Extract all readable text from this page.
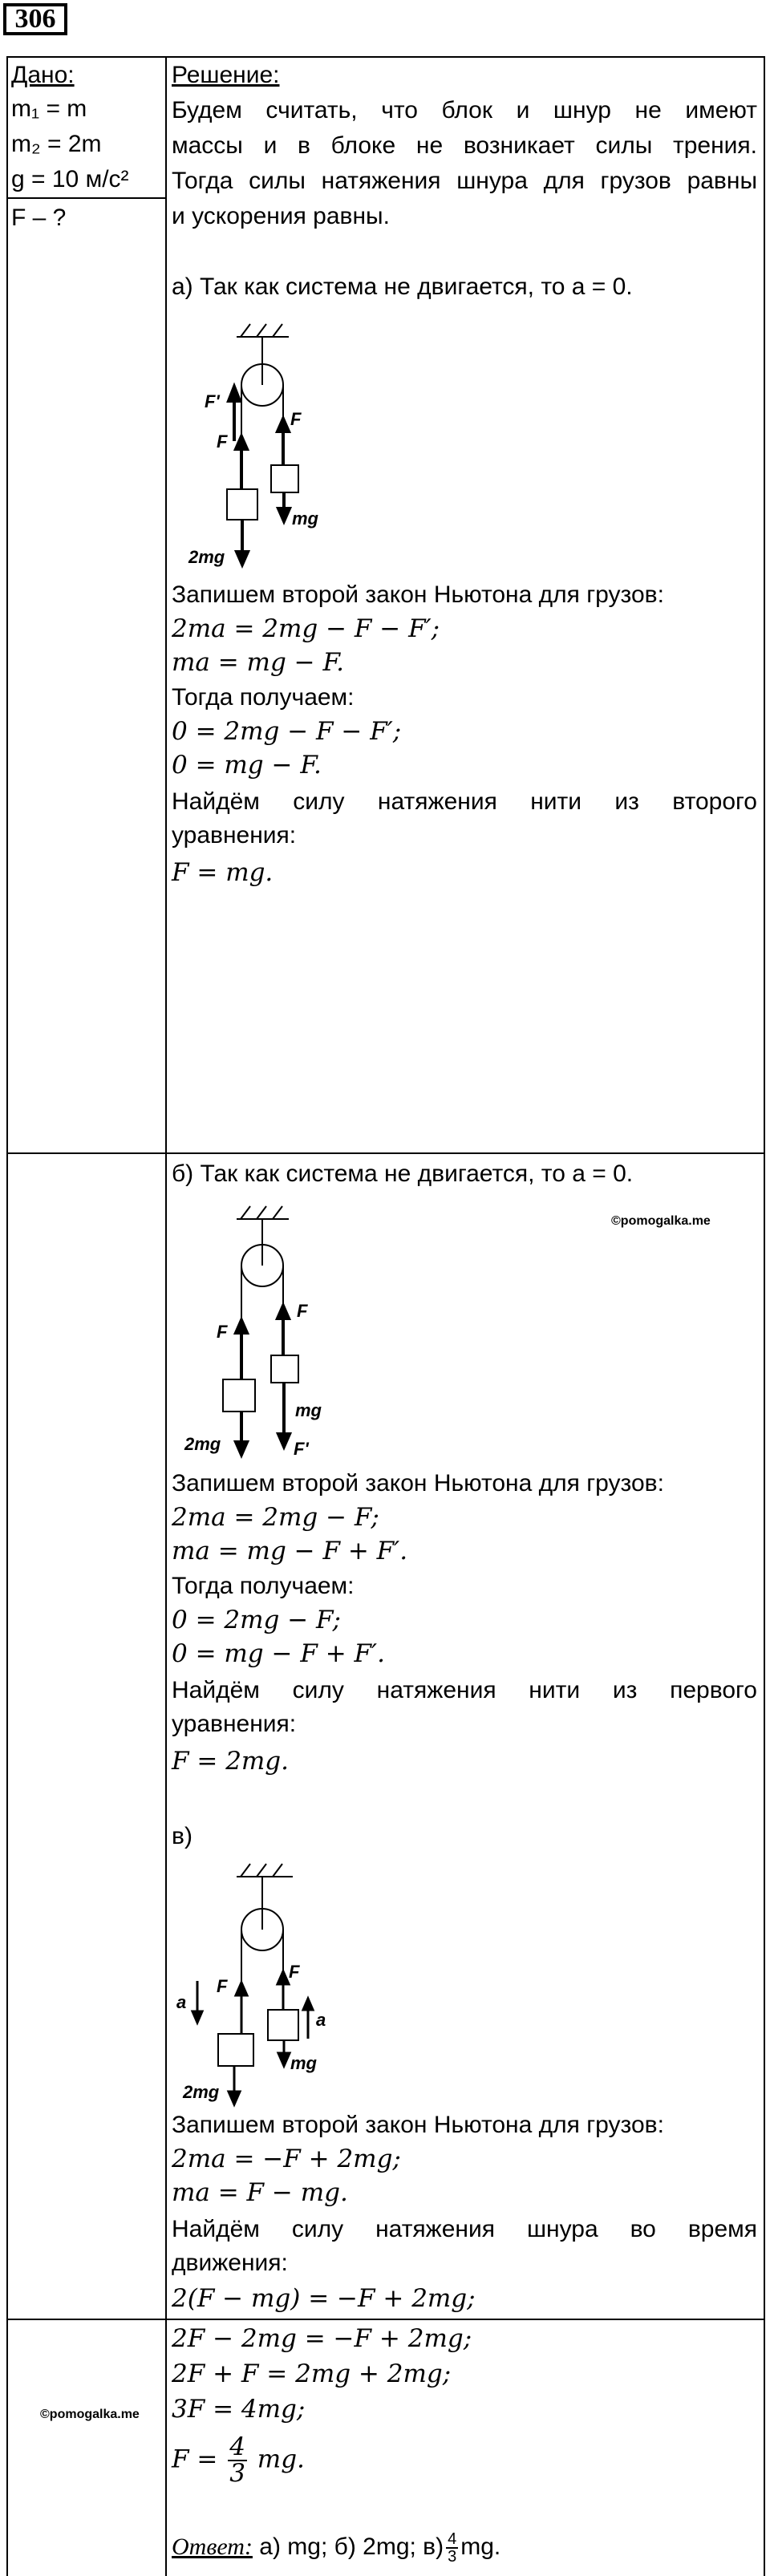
306
Дано:
m₁ = m
m₂ = 2m
g = 10 м/с²
F – ?
Решение:
Будем считать, что блок и шнур не имеют
массы и в блоке не возникает силы трения.
Тогда силы натяжения шнура для грузов равны
и ускорения равны.
а) Так как система не двигается, то a = 0.
F'
F
F
2mg
mg
Запишем второй закон Ньютона для грузов:
2ma = 2mg − F − F′;
ma = mg − F.
Тогда получаем:
0 = 2mg − F − F′;
0 = mg − F.
Найдём силу натяжения нити из второго
уравнения:
F = mg.
б) Так как система не двигается, то a = 0.
©pomogalka.me
F
F
2mg
mg
F'
Запишем второй закон Ньютона для грузов:
2ma = 2mg − F;
ma = mg − F + F′.
Тогда получаем:
0 = 2mg − F;
0 = mg − F + F′.
Найдём силу натяжения нити из первого
уравнения:
F = 2mg.
в)
a
F
F
a
2mg
mg
Запишем второй закон Ньютона для грузов:
2ma = −F + 2mg;
ma = F − mg.
Найдём силу натяжения шнура во время
движения:
2(F − mg) = −F + 2mg;
2F − 2mg = −F + 2mg;
2F + F = 2mg + 2mg;
3F = 4mg;
$F = \frac{4}{3}$ mg.
Ответ: а) mg; б) 2mg; $в) \frac{4}{3}$ mg.
©pomogalka.me
